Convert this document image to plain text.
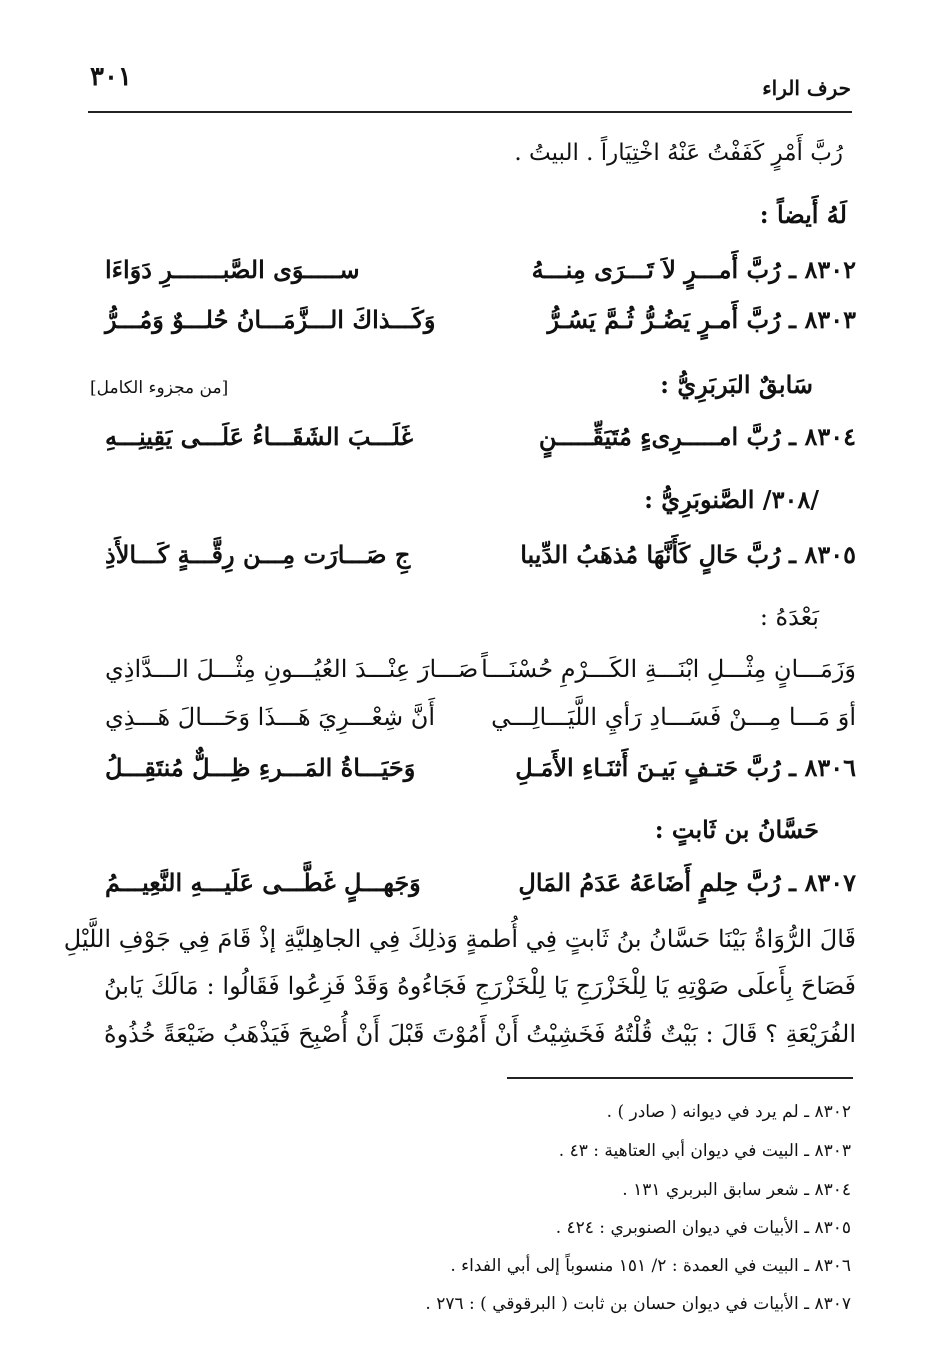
٣٠١	حرف الراء
رُبَّ أَمْرٍ كَفَفْتُ عَنْهُ اخْتِيَاراً . البيتُ .
لَهُ أَيضاً :
٨٣٠٢ ـ رُبَّ أَمـــرٍ لاَ تَـــرَى مِنـــهُ
ســـــوَى الصَّبـــــــرِ دَوَاءَا
٨٣٠٣ ـ رُبَّ أَمـرٍ يَضُـرُّ ثُـمَّ يَسُـرُّ
وَكَـــذاكَ الـــزَّمَـــانُ حُلـــوٌ وَمُـــرُّ
سَابقٌ البَربَرِيُّ :
[من مجزوء الكامل]
٨٣٠٤ ـ رُبَّ امـــــرِىءٍ مُتَيَقِّـــــنٍ
غَلَـــبَ الشَقَـــاءُ عَلَـــى يَقِينِـــهِ
/٣٠٨/ الصَّنوبَرِيُّ :
٨٣٠٥ ـ رُبَّ حَالٍ كَأَنَّهَا مُذهَبُ الدِّيبا
جِ صَـــارَت مِـــن رِقَّـــةٍ كَـــالأَذِ
بَعْدَهُ :
وَزَمَـــانٍ مِثْـــلِ ابْنَـــةِ الكَـــرْمِ حُسْنَـــاً
صَـــارَ عِنْـــدَ العُيُـــونِ مِثْـــلَ الـــدَّاذِي
أوَ مَـــا مِـــنْ فَسَـــادِ رَأيِ اللَّيَـــالِـــي
أَنَّ شِعْـــرِيَ هَـــذَا وَحَـــالَ هَـــذِي
٨٣٠٦ ـ رُبَّ حَتـفٍ بَيـنَ أَثنَـاءِ الأَمَـلِ
وَحَيَـــاةُ المَـــرءِ ظِـــلٌّ مُنتَقِـــلُ
حَسَّانُ بن ثَابتٍ :
٨٣٠٧ ـ رُبَّ حِلمٍ أَضَاعَهُ عَدَمُ المَالِ
وَجَهـــلٍ غَطَّـــى عَلَيـــهِ النَّعِيـــمُ
قَالَ الرُّوَاةُ بَيْنَا حَسَّانُ بنُ ثَابتٍ فِي أُطمةٍ وَذلِكَ فِي الجاهِليَّةِ إذْ قَامَ فِي جَوْفِ اللَّيْلِ
فَصَاحَ بِأَعلَى صَوْتِهِ يَا لِلْخَزْرَجِ يَا لِلْخَزْرَجِ فَجَاءُوهُ وَقَدْ فَزِعُوا فَقَالُوا : مَالَكَ يَابنُ
الفُرَيْعَةِ ؟ قَالَ : بَيْتٌ قُلْتُهُ فَخَشِيْتُ أَنْ أَمُوْتَ قَبْلَ أَنْ أُصْبِحَ فَيَذْهَبُ ضَيْعَةً خُذُوهُ
٨٣٠٢ ـ لم يرد في ديوانه ( صادر ) .
٨٣٠٣ ـ البيت في ديوان أبي العتاهية : ٤٣ .
٨٣٠٤ ـ شعر سابق البربري ١٣١ .
٨٣٠٥ ـ الأبيات في ديوان الصنوبري : ٤٢٤ .
٨٣٠٦ ـ البيت في العمدة : ٢/ ١٥١ منسوباً إلى أبي الفداء .
٨٣٠٧ ـ الأبيات في ديوان حسان بن ثابت ( البرقوقي ) : ٢٧٦ .
